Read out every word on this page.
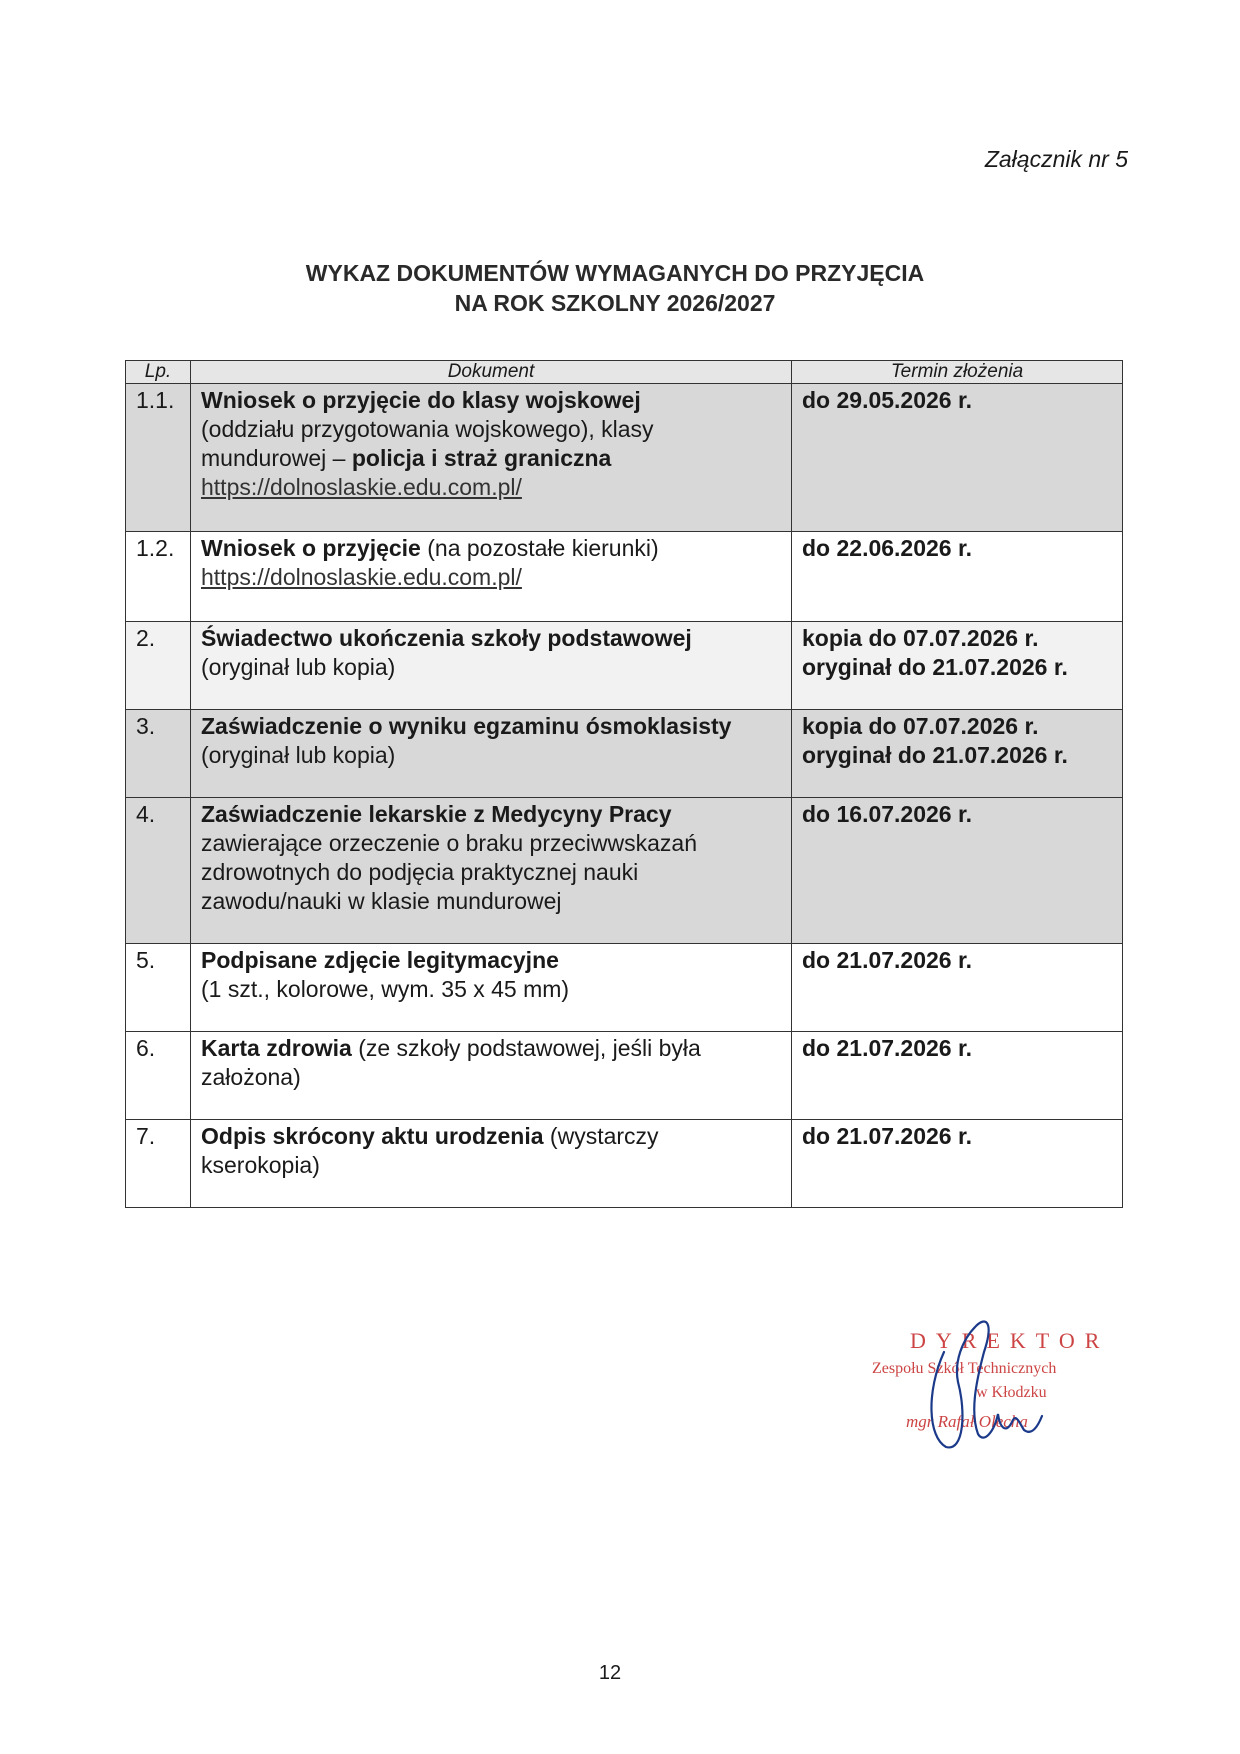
Załącznik nr 5
WYKAZ DOKUMENTÓW WYMAGANYCH DO PRZYJĘCIA
NA ROK SZKOLNY 2026/2027
Lp.	Dokument	Termin złożenia
1.1.	Wniosek o przyjęcie do klasy wojskowej
(oddziału przygotowania wojskowego), klasy mundurowej – policja i straż graniczna
https://dolnoslaskie.edu.com.pl/	do 29.05.2026 r.
1.2.	Wniosek o przyjęcie (na pozostałe kierunki)
https://dolnoslaskie.edu.com.pl/	do 22.06.2026 r.
2.	Świadectwo ukończenia szkoły podstawowej
(oryginał lub kopia)	kopia do 07.07.2026 r.
oryginał do 21.07.2026 r.
3.	Zaświadczenie o wyniku egzaminu ósmoklasisty (oryginał lub kopia)	kopia do 07.07.2026 r.
oryginał do 21.07.2026 r.
4.	Zaświadczenie lekarskie z Medycyny Pracy
zawierające orzeczenie o braku przeciwwskazań zdrowotnych do podjęcia praktycznej nauki zawodu/nauki w klasie mundurowej	do 16.07.2026 r.
5.	Podpisane zdjęcie legitymacyjne
(1 szt., kolorowe, wym. 35 x 45 mm)	do 21.07.2026 r.
6.	Karta zdrowia (ze szkoły podstawowej, jeśli była założona)	do 21.07.2026 r.
7.	Odpis skrócony aktu urodzenia (wystarczy kserokopia)	do 21.07.2026 r.
DYREKTOR
Zespołu Szkół Technicznych
w Kłodzku
mgr Rafał Olecha
12
